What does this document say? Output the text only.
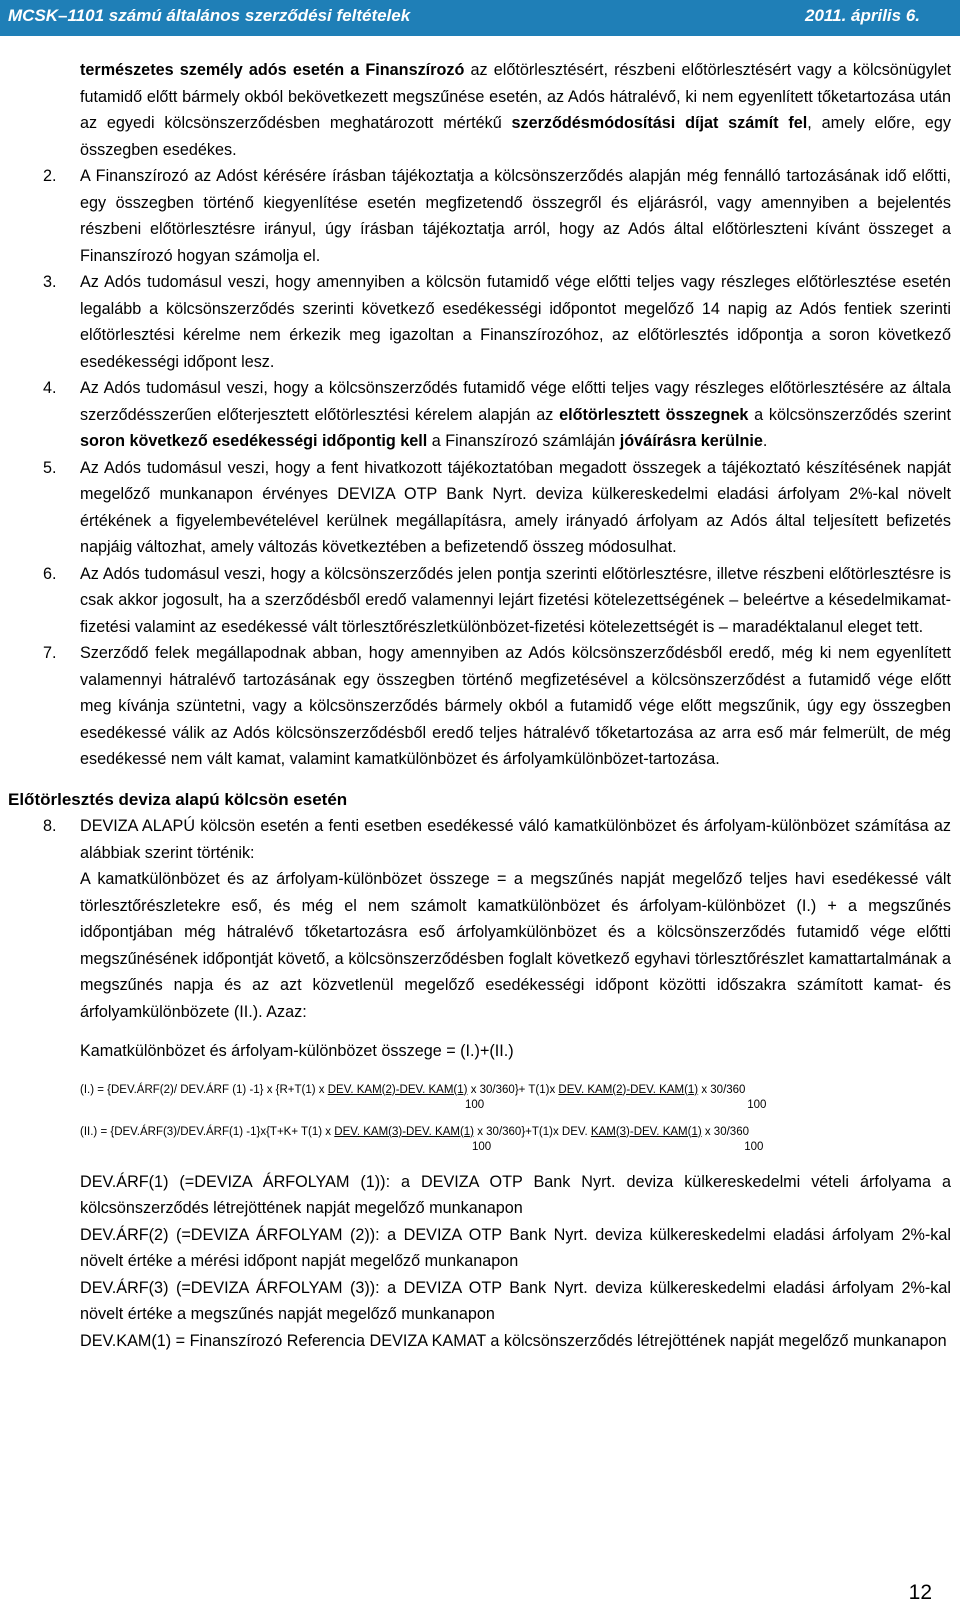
MCSK–1101 számú általános szerződési feltételek	2011. április 6.
természetes személy adós esetén a Finanszírozó az előtörlesztésért, részbeni előtörlesztésért vagy a kölcsönügylet futamidő előtt bármely okból bekövetkezett megszűnése esetén, az Adós hátralévő, ki nem egyenlített tőketartozása után az egyedi kölcsönszerződésben meghatározott mértékű szerződésmódosítási díjat számít fel, amely előre, egy összegben esedékes.
2. A Finanszírozó az Adóst kérésére írásban tájékoztatja a kölcsönszerződés alapján még fennálló tartozásának idő előtti, egy összegben történő kiegyenlítése esetén megfizetendő összegről és eljárásról, vagy amennyiben a bejelentés részbeni előtörlesztésre irányul, úgy írásban tájékoztatja arról, hogy az Adós által előtörleszteni kívánt összeget a Finanszírozó hogyan számolja el.
3. Az Adós tudomásul veszi, hogy amennyiben a kölcsön futamidő vége előtti teljes vagy részleges előtörlesztése esetén legalább a kölcsönszerződés szerinti következő esedékességi időpontot megelőző 14 napig az Adós fentiek szerinti előtörlesztési kérelme nem érkezik meg igazoltan a Finanszírozóhoz, az előtörlesztés időpontja a soron következő esedékességi időpont lesz.
4. Az Adós tudomásul veszi, hogy a kölcsönszerződés futamidő vége előtti teljes vagy részleges előtörlesztésére az általa szerződésszerűen előterjesztett előtörlesztési kérelem alapján az előtörlesztett összegnek a kölcsönszerződés szerint soron következő esedékességi időpontig kell a Finanszírozó számláján jóváírásra kerülnie.
5. Az Adós tudomásul veszi, hogy a fent hivatkozott tájékoztatóban megadott összegek a tájékoztató készítésének napját megelőző munkanapon érvényes DEVIZA OTP Bank Nyrt. deviza külkereskedelmi eladási árfolyam 2%-kal növelt értékének a figyelembevételével kerülnek megállapításra, amely irányadó árfolyam az Adós által teljesített befizetés napjáig változhat, amely változás következtében a befizetendő összeg módosulhat.
6. Az Adós tudomásul veszi, hogy a kölcsönszerződés jelen pontja szerinti előtörlesztésre, illetve részbeni előtörlesztésre is csak akkor jogosult, ha a szerződésből eredő valamennyi lejárt fizetési kötelezettségének – beleértve a késedelmikamat-fizetési valamint az esedékessé vált törlesztőrészletkülönbözet-fizetési kötelezettségét is – maradéktalanul eleget tett.
7. Szerződő felek megállapodnak abban, hogy amennyiben az Adós kölcsönszerződésből eredő, még ki nem egyenlített valamennyi hátralévő tartozásának egy összegben történő megfizetésével a kölcsönszerződést a futamidő vége előtt meg kívánja szüntetni, vagy a kölcsönszerződés bármely okból a futamidő vége előtt megszűnik, úgy egy összegben esedékessé válik az Adós kölcsönszerződésből eredő teljes hátralévő tőketartozása az arra eső már felmerült, de még esedékessé nem vált kamat, valamint kamatkülönbözet és árfolyamkülönbözet-tartozása.
Előtörlesztés deviza alapú kölcsön esetén
8. DEVIZA ALAPÚ kölcsön esetén a fenti esetben esedékessé váló kamatkülönbözet és árfolyam-különbözet számítása az alábbiak szerint történik:
A kamatkülönbözet és az árfolyam-különbözet összege = a megszűnés napját megelőző teljes havi esedékessé vált törlesztőrészletekre eső, és még el nem számolt kamatkülönbözet és árfolyam-különbözet (I.) + a megszűnés időpontjában még hátralévő tőketartozásra eső árfolyamkülönbözet és a kölcsönszerződés futamidő vége előtti megszűnésének időpontját követő, a kölcsönszerződésben foglalt következő egyhavi törlesztőrészlet kamattartalmának a megszűnés napja és az azt közvetlenül megelőző esedékességi időpont közötti időszakra számított kamat- és árfolyamkülönbözete (II.). Azaz:
Kamatkülönbözet és árfolyam-különbözet összege = (I.)+(II.)
(I.) = {DEV.ÁRF(2)/ DEV.ÁRF (1) -1} x {R+T(1) x DEV. KAM(2)-DEV. KAM(1) x 30/360}+ T(1)x DEV. KAM(2)-DEV. KAM(1) x 30/360
100	100
(II.) = {DEV.ÁRF(3)/DEV.ÁRF(1) -1}x{T+K+ T(1) x DEV. KAM(3)-DEV. KAM(1) x 30/360}+T(1)x DEV. KAM(3)-DEV. KAM(1) x 30/360
100	100
DEV.ÁRF(1) (=DEVIZA ÁRFOLYAM (1)): a DEVIZA OTP Bank Nyrt. deviza külkereskedelmi vételi árfolyama a kölcsönszerződés létrejöttének napját megelőző munkanapon
DEV.ÁRF(2) (=DEVIZA ÁRFOLYAM (2)): a DEVIZA OTP Bank Nyrt. deviza külkereskedelmi eladási árfolyam 2%-kal növelt értéke a mérési időpont napját megelőző munkanapon
DEV.ÁRF(3) (=DEVIZA ÁRFOLYAM (3)): a DEVIZA OTP Bank Nyrt. deviza külkereskedelmi eladási árfolyam 2%-kal növelt értéke a megszűnés napját megelőző munkanapon
DEV.KAM(1) = Finanszírozó Referencia DEVIZA KAMAT a kölcsönszerződés létrejöttének napját megelőző munkanapon
12
